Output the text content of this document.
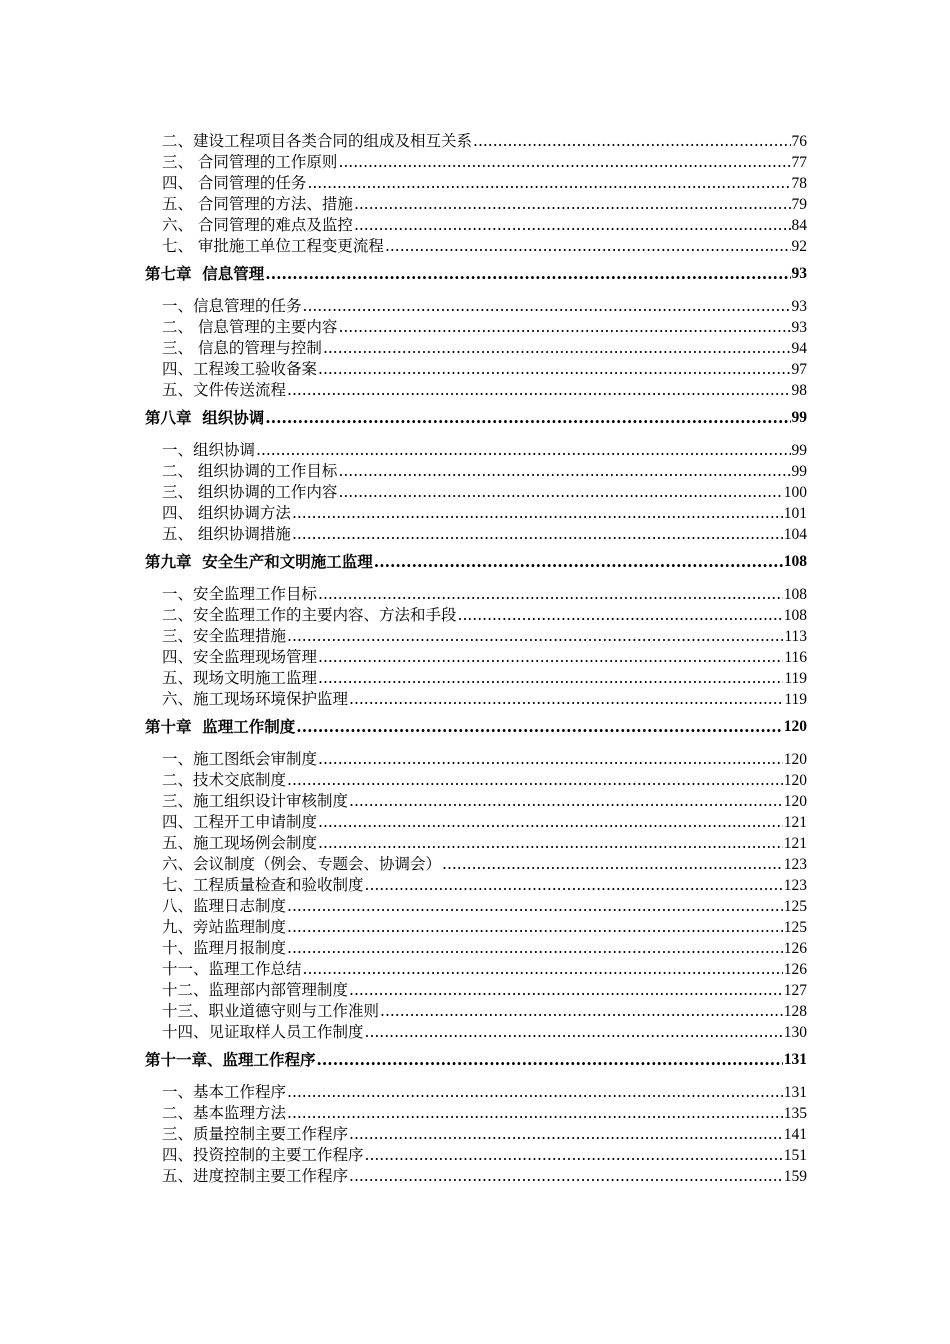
二、建设工程项目各类合同的组成及相互关系 .....	76
三、 合同管理的工作原则 .....	77
四、 合同管理的任务 .....	78
五、 合同管理的方法、措施 .....	79
六、 合同管理的难点及监控 .....	84
七、 审批施工单位工程变更流程 .....	92
第七章  信息管理 .....	93
一、信息管理的任务 .....	93
二、 信息管理的主要内容 .....	93
三、 信息的管理与控制 .....	94
四、工程竣工验收备案 .....	97
五、文件传送流程 .....	98
第八章  组织协调 .....	99
一、组织协调 .....	99
二、 组织协调的工作目标 .....	99
三、 组织协调的工作内容 .....	100
四、 组织协调方法 .....	101
五、 组织协调措施 .....	104
第九章  安全生产和文明施工监理 .....	108
一、安全监理工作目标 .....	108
二、安全监理工作的主要内容、方法和手段 .....	108
三、安全监理措施 .....	113
四、安全监理现场管理 .....	116
五、现场文明施工监理 .....	119
六、施工现场环境保护监理 .....	119
第十章  监理工作制度 .....	120
一、施工图纸会审制度 .....	120
二、技术交底制度 .....	120
三、施工组织设计审核制度 .....	120
四、工程开工申请制度 .....	121
五、施工现场例会制度 .....	121
六、会议制度（例会、专题会、协调会） .....	123
七、工程质量检查和验收制度 .....	123
八、监理日志制度 .....	125
九、旁站监理制度 .....	125
十、监理月报制度 .....	126
十一、监理工作总结 .....	126
十二、监理部内部管理制度 .....	127
十三、职业道德守则与工作准则 .....	128
十四、见证取样人员工作制度 .....	130
第十一章、监理工作程序 .....	131
一、基本工作程序 .....	131
二、基本监理方法 .....	135
三、质量控制主要工作程序 .....	141
四、投资控制的主要工作程序 .....	151
五、进度控制主要工作程序 .....	159
